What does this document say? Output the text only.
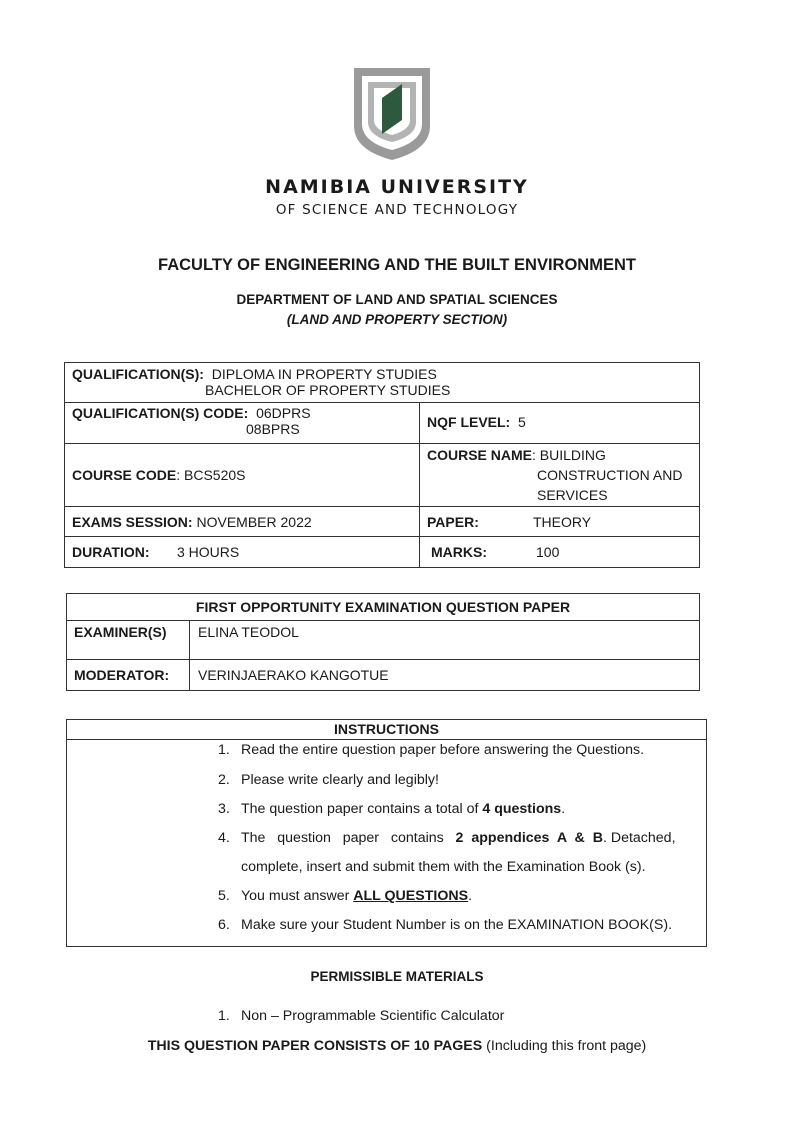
NAMIBIA UNIVERSITY
OF SCIENCE AND TECHNOLOGY
FACULTY OF ENGINEERING AND THE BUILT ENVIRONMENT
DEPARTMENT OF LAND AND SPATIAL SCIENCES
(LAND AND PROPERTY SECTION)
QUALIFICATION(S): DIPLOMA IN PROPERTY STUDIES
BACHELOR OF PROPERTY STUDIES	

QUALIFICATION(S) CODE: 06DPRS
08BPRS	NQF LEVEL: 5
COURSE CODE: BCS520S	COURSE NAME: BUILDING
CONSTRUCTION AND
SERVICES

EXAMS SESSION: NOVEMBER 2022	PAPER: THEORY

DURATION: 3 HOURS	MARKS: 100
FIRST OPPORTUNITY EXAMINATION QUESTION PAPER	
EXAMINER(S)	ELINA TEODOL
MODERATOR:	VERINJAERAKO KANGOTUE
INSTRUCTIONS
1. Read the entire question paper before answering the Questions.
2. Please write clearly and legibly!
3. The question paper contains a total of 4 questions.
4. The question paper contains 2 appendices A & B. Detached,
complete, insert and submit them with the Examination Book (s).
5. You must answer ALL QUESTIONS.
6. Make sure your Student Number is on the EXAMINATION BOOK(S).
PERMISSIBLE MATERIALS
1. Non – Programmable Scientific Calculator
THIS QUESTION PAPER CONSISTS OF 10 PAGES (Including this front page)
